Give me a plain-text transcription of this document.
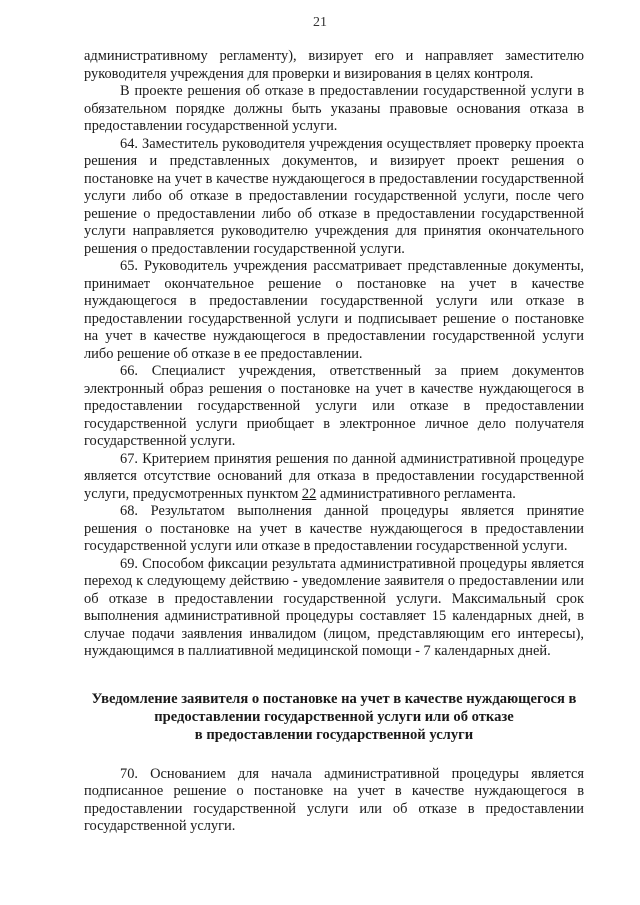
21

административному регламенту), визирует его и направляет заместителю руководителя учреждения для проверки и визирования в целях контроля.

В проекте решения об отказе в предоставлении государственной услуги в обязательном порядке должны быть указаны правовые основания отказа в предоставлении государственной услуги.

64. Заместитель руководителя учреждения осуществляет проверку проекта решения и представленных документов, и визирует проект решения о постановке на учет в качестве нуждающегося в предоставлении государственной услуги либо об отказе в предоставлении государственной услуги, после чего решение о предоставлении либо об отказе в предоставлении государственной услуги направляется руководителю учреждения для принятия окончательного решения о предоставлении государственной услуги.

65. Руководитель учреждения рассматривает представленные документы, принимает окончательное решение о постановке на учет в качестве нуждающегося в предоставлении государственной услуги или отказе в предоставлении государственной услуги и подписывает решение о постановке на учет в качестве нуждающегося в предоставлении государственной услуги либо решение об отказе в ее предоставлении.

66. Специалист учреждения, ответственный за прием документов электронный образ решения о постановке на учет в качестве нуждающегося в предоставлении государственной услуги или отказе в предоставлении государственной услуги приобщает в электронное личное дело получателя государственной услуги.

67. Критерием принятия решения по данной административной процедуре является отсутствие оснований для отказа в предоставлении государственной услуги, предусмотренных пунктом 22 административного регламента.

68. Результатом выполнения данной процедуры является принятие решения о постановке на учет в качестве нуждающегося в предоставлении государственной услуги или отказе в предоставлении государственной услуги.

69. Способом фиксации результата административной процедуры является переход к следующему действию - уведомление заявителя о предоставлении или об отказе в предоставлении государственной услуги. Максимальный срок выполнения административной процедуры составляет 15 календарных дней, в случае подачи заявления инвалидом (лицом, представляющим его интересы), нуждающимся в паллиативной медицинской помощи - 7 календарных дней.

Уведомление заявителя о постановке на учет в качестве нуждающегося в
предоставлении государственной услуги или об отказе
в предоставлении государственной услуги

70. Основанием для начала административной процедуры является подписанное решение о постановке на учет в качестве нуждающегося в предоставлении государственной услуги или об отказе в предоставлении государственной услуги.
